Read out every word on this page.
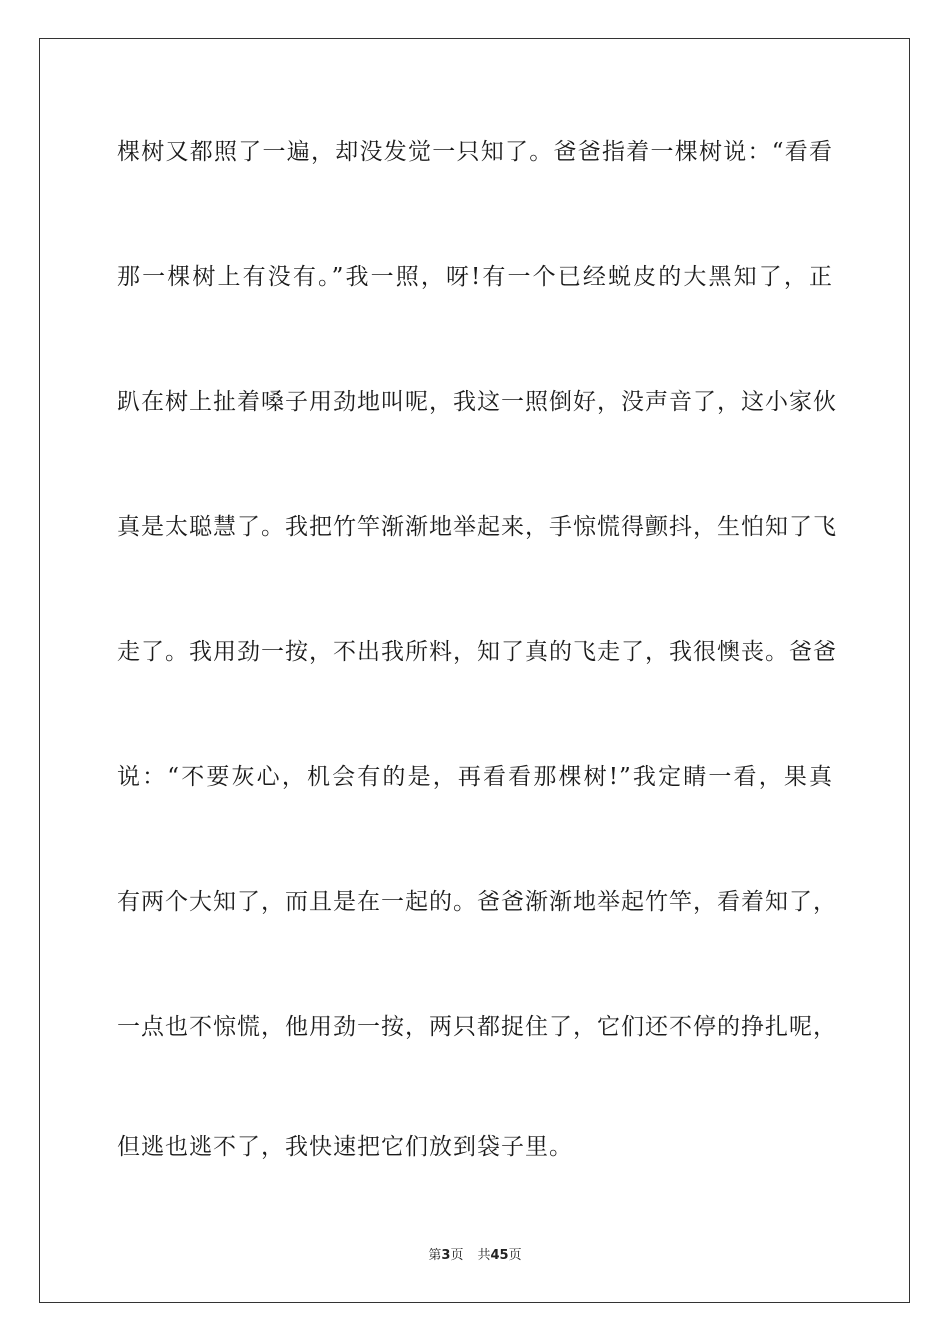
棵树又都照了一遍，却没发觉一只知了。爸爸指着一棵树说：“看看
那一棵树上有没有。”我一照，呀!有一个已经蜕皮的大黑知了，正
趴在树上扯着嗓子用劲地叫呢，我这一照倒好，没声音了，这小家伙
真是太聪慧了。我把竹竿渐渐地举起来，手惊慌得颤抖，生怕知了飞
走了。我用劲一按，不出我所料，知了真的飞走了，我很懊丧。爸爸
说：“不要灰心，机会有的是，再看看那棵树!”我定睛一看，果真
有两个大知了，而且是在一起的。爸爸渐渐地举起竹竿，看着知了，
一点也不惊慌，他用劲一按，两只都捉住了，它们还不停的挣扎呢，
但逃也逃不了，我快速把它们放到袋子里。
第3页 共45页
